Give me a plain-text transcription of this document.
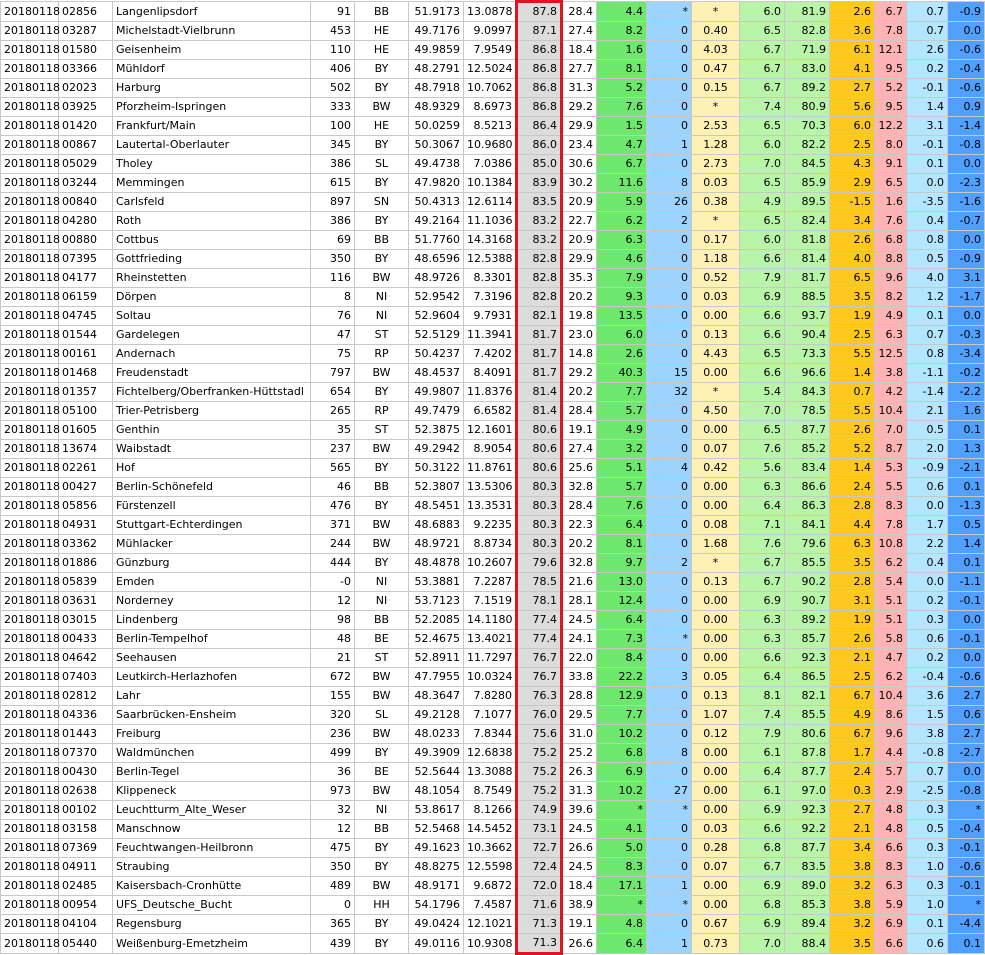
20180118	02856	Langenlipsdorf	91	BB	51.9173	13.0878	87.8	28.4	4.4	*	*	6.0	81.9	2.6	6.7	0.7	-0.9
20180118	03287	Michelstadt-Vielbrunn	453	HE	49.7176	9.0997	87.1	27.4	8.2	0	0.40	6.5	82.8	3.6	7.8	0.7	0.0
20180118	01580	Geisenheim	110	HE	49.9859	7.9549	86.8	18.4	1.6	0	4.03	6.7	71.9	6.1	12.1	2.6	-0.6
20180118	03366	Mühldorf	406	BY	48.2791	12.5024	86.8	27.7	8.1	0	0.47	6.7	83.0	4.1	9.5	0.2	-0.4
20180118	02023	Harburg	502	BY	48.7918	10.7062	86.8	31.3	5.2	0	0.15	6.7	89.2	2.7	5.2	-0.1	-0.6
20180118	03925	Pforzheim-Ispringen	333	BW	48.9329	8.6973	86.8	29.2	7.6	0	*	7.4	80.9	5.6	9.5	1.4	0.9
20180118	01420	Frankfurt/Main	100	HE	50.0259	8.5213	86.4	29.9	1.5	0	2.53	6.5	70.3	6.0	12.2	3.1	-1.4
20180118	00867	Lautertal-Oberlauter	345	BY	50.3067	10.9680	86.0	23.4	4.7	1	1.28	6.0	82.2	2.5	8.0	-0.1	-0.8
20180118	05029	Tholey	386	SL	49.4738	7.0386	85.0	30.6	6.7	0	2.73	7.0	84.5	4.3	9.1	0.1	0.0
20180118	03244	Memmingen	615	BY	47.9820	10.1384	83.9	30.2	11.6	8	0.03	6.5	85.9	2.9	6.5	0.0	-2.3
20180118	00840	Carlsfeld	897	SN	50.4313	12.6114	83.5	20.9	5.9	26	0.38	4.9	89.5	-1.5	1.6	-3.5	-1.6
20180118	04280	Roth	386	BY	49.2164	11.1036	83.2	22.7	6.2	2	*	6.5	82.4	3.4	7.6	0.4	-0.7
20180118	00880	Cottbus	69	BB	51.7760	14.3168	83.2	20.9	6.3	0	0.17	6.0	81.8	2.6	6.8	0.8	0.0
20180118	07395	Gottfrieding	350	BY	48.6596	12.5388	82.8	29.9	4.6	0	1.18	6.6	81.4	4.0	8.8	0.5	-0.9
20180118	04177	Rheinstetten	116	BW	48.9726	8.3301	82.8	35.3	7.9	0	0.52	7.9	81.7	6.5	9.6	4.0	3.1
20180118	06159	Dörpen	8	NI	52.9542	7.3196	82.8	20.2	9.3	0	0.03	6.9	88.5	3.5	8.2	1.2	-1.7
20180118	04745	Soltau	76	NI	52.9604	9.7931	82.1	19.8	13.5	0	0.00	6.6	93.7	1.9	4.9	0.1	0.0
20180118	01544	Gardelegen	47	ST	52.5129	11.3941	81.7	23.0	6.0	0	0.13	6.6	90.4	2.5	6.3	0.7	-0.3
20180118	00161	Andernach	75	RP	50.4237	7.4202	81.7	14.8	2.6	0	4.43	6.5	73.3	5.5	12.5	0.8	-3.4
20180118	01468	Freudenstadt	797	BW	48.4537	8.4091	81.7	29.2	40.3	15	0.00	6.6	96.6	1.4	3.8	-1.1	-0.2
20180118	01357	Fichtelberg/Oberfranken-Hüttstadl	654	BY	49.9807	11.8376	81.4	20.2	7.7	32	*	5.4	84.3	0.7	4.2	-1.4	-2.2
20180118	05100	Trier-Petrisberg	265	RP	49.7479	6.6582	81.4	28.4	5.7	0	4.50	7.0	78.5	5.5	10.4	2.1	1.6
20180118	01605	Genthin	35	ST	52.3875	12.1601	80.6	19.1	4.9	0	0.00	6.5	87.7	2.6	7.0	0.5	0.1
20180118	13674	Waibstadt	237	BW	49.2942	8.9054	80.6	27.4	3.2	0	0.07	7.6	85.2	5.2	8.7	2.0	1.3
20180118	02261	Hof	565	BY	50.3122	11.8761	80.6	25.6	5.1	4	0.42	5.6	83.4	1.4	5.3	-0.9	-2.1
20180118	00427	Berlin-Schönefeld	46	BB	52.3807	13.5306	80.3	32.8	5.7	0	0.00	6.3	86.6	2.4	5.5	0.6	0.1
20180118	05856	Fürstenzell	476	BY	48.5451	13.3531	80.3	28.4	7.6	0	0.00	6.4	86.3	2.8	8.3	0.0	-1.3
20180118	04931	Stuttgart-Echterdingen	371	BW	48.6883	9.2235	80.3	22.3	6.4	0	0.08	7.1	84.1	4.4	7.8	1.7	0.5
20180118	03362	Mühlacker	244	BW	48.9721	8.8734	80.3	20.2	8.1	0	1.68	7.6	79.6	6.3	10.8	2.2	1.4
20180118	01886	Günzburg	444	BY	48.4878	10.2607	79.6	32.8	9.7	2	*	6.7	85.5	3.5	6.2	0.4	0.1
20180118	05839	Emden	-0	NI	53.3881	7.2287	78.5	21.6	13.0	0	0.13	6.7	90.2	2.8	5.4	0.0	-1.1
20180118	03631	Norderney	12	NI	53.7123	7.1519	78.1	28.1	12.4	0	0.00	6.9	90.7	3.1	5.1	0.2	-0.1
20180118	03015	Lindenberg	98	BB	52.2085	14.1180	77.4	24.5	6.4	0	0.00	6.3	89.2	1.9	5.1	0.3	0.0
20180118	00433	Berlin-Tempelhof	48	BE	52.4675	13.4021	77.4	24.1	7.3	*	0.00	6.3	85.7	2.6	5.8	0.6	-0.1
20180118	04642	Seehausen	21	ST	52.8911	11.7297	76.7	22.0	8.4	0	0.00	6.6	92.3	2.1	4.7	0.2	0.0
20180118	07403	Leutkirch-Herlazhofen	672	BW	47.7955	10.0324	76.7	33.8	22.2	3	0.05	6.4	86.5	2.5	6.2	-0.4	-0.6
20180118	02812	Lahr	155	BW	48.3647	7.8280	76.3	28.8	12.9	0	0.13	8.1	82.1	6.7	10.4	3.6	2.7
20180118	04336	Saarbrücken-Ensheim	320	SL	49.2128	7.1077	76.0	29.5	7.7	0	1.07	7.4	85.5	4.9	8.6	1.5	0.6
20180118	01443	Freiburg	236	BW	48.0233	7.8344	75.6	31.0	10.2	0	0.12	7.9	80.6	6.7	9.6	3.8	2.7
20180118	07370	Waldmünchen	499	BY	49.3909	12.6838	75.2	25.2	6.8	8	0.00	6.1	87.8	1.7	4.4	-0.8	-2.7
20180118	00430	Berlin-Tegel	36	BE	52.5644	13.3088	75.2	26.3	6.9	0	0.00	6.4	87.7	2.4	5.7	0.7	0.0
20180118	02638	Klippeneck	973	BW	48.1054	8.7549	75.2	31.3	10.2	27	0.00	6.1	97.0	0.3	2.9	-2.5	-0.8
20180118	00102	Leuchtturm_Alte_Weser	32	NI	53.8617	8.1266	74.9	39.6	*	*	0.00	6.9	92.3	2.7	4.8	0.3	*
20180118	03158	Manschnow	12	BB	52.5468	14.5452	73.1	24.5	4.1	0	0.03	6.6	92.2	2.1	4.8	0.5	-0.4
20180118	07369	Feuchtwangen-Heilbronn	475	BY	49.1623	10.3662	72.7	26.6	5.0	0	0.28	6.8	87.7	3.4	6.6	0.3	-0.1
20180118	04911	Straubing	350	BY	48.8275	12.5598	72.4	24.5	8.3	0	0.07	6.7	83.5	3.8	8.3	1.0	-0.6
20180118	02485	Kaisersbach-Cronhütte	489	BW	48.9171	9.6872	72.0	18.4	17.1	1	0.00	6.9	89.0	3.2	6.3	0.3	-0.1
20180118	00954	UFS_Deutsche_Bucht	0	HH	54.1796	7.4587	71.6	38.9	*	*	0.00	6.8	85.3	3.8	5.9	1.0	*
20180118	04104	Regensburg	365	BY	49.0424	12.1021	71.3	19.1	4.8	0	0.67	6.9	89.4	3.2	6.9	0.1	-4.4
20180118	05440	Weißenburg-Emetzheim	439	BY	49.0116	10.9308	71.3	26.6	6.4	1	0.73	7.0	88.4	3.5	6.6	0.6	0.1
